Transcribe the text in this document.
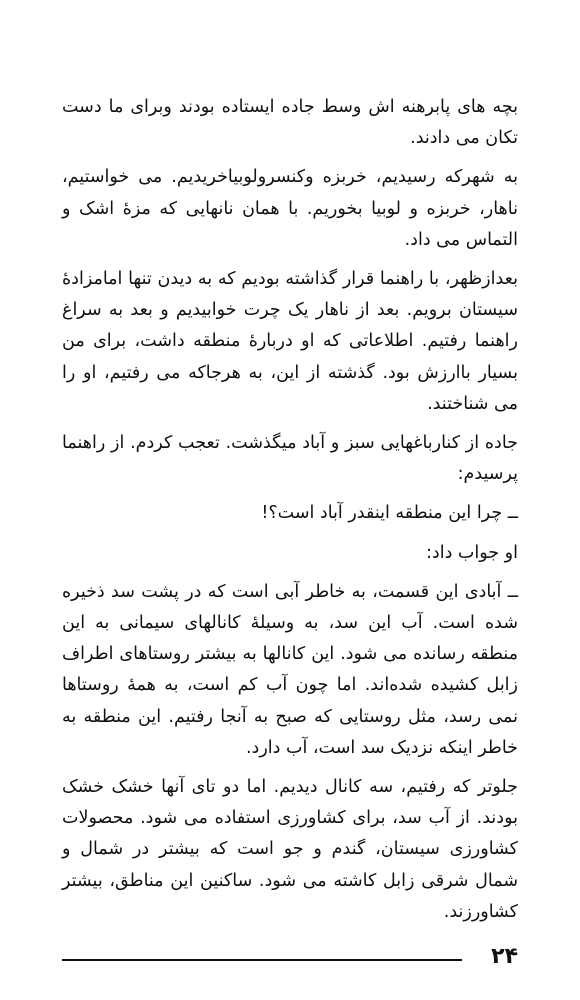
بچه های پابرهنه اش وسط جاده ایستاده بودند وبرای ما دست تکان می دادند.

به شهرکه رسیدیم، خربزه وکنسرولوبیاخریدیم. می خواستیم، ناهار، خربزه و لوبیا بخوریم. با همان نانهایی که مزهٔ اشک و التماس می داد.

بعدازظهر، با راهنما قرار گذاشته بودیم که به دیدن تنها امامزادهٔ سیستان برویم. بعد از ناهار یک چرت خوابیدیم و بعد به سراغ راهنما رفتیم. اطلاعاتی که او دربارهٔ منطقه داشت، برای من بسیار باارزش بود. گذشته از این، به هرجاکه می رفتیم، او را می شناختند.

جاده از کنارباغهایی سبز و آباد میگذشت. تعجب کردم. از راهنما پرسیدم:

ــ چرا این منطقه اینقدر آباد است؟!

او جواب داد:

ــ آبادی این قسمت، به خاطر آبی است که در پشت سد ذخیره شده است. آب این سد، به وسیلهٔ کانالهای سیمانی به این منطقه رسانده می شود. این کانالها به بیشتر روستاهای اطراف زابل کشیده شده‌اند. اما چون آب کم است، به همهٔ روستاها نمی رسد، مثل روستایی که صبح به آنجا رفتیم. این منطقه به خاطر اینکه نزدیک سد است، آب دارد.

جلوتر که رفتیم، سه کانال دیدیم. اما دو تای آنها خشک خشک بودند. از آب سد، برای کشاورزی استفاده می شود. محصولات کشاورزی سیستان، گندم و جو است که بیشتر در شمال و شمال شرقی زابل کاشته می شود. ساکنین این مناطق، بیشتر کشاورزند.

۲۴
